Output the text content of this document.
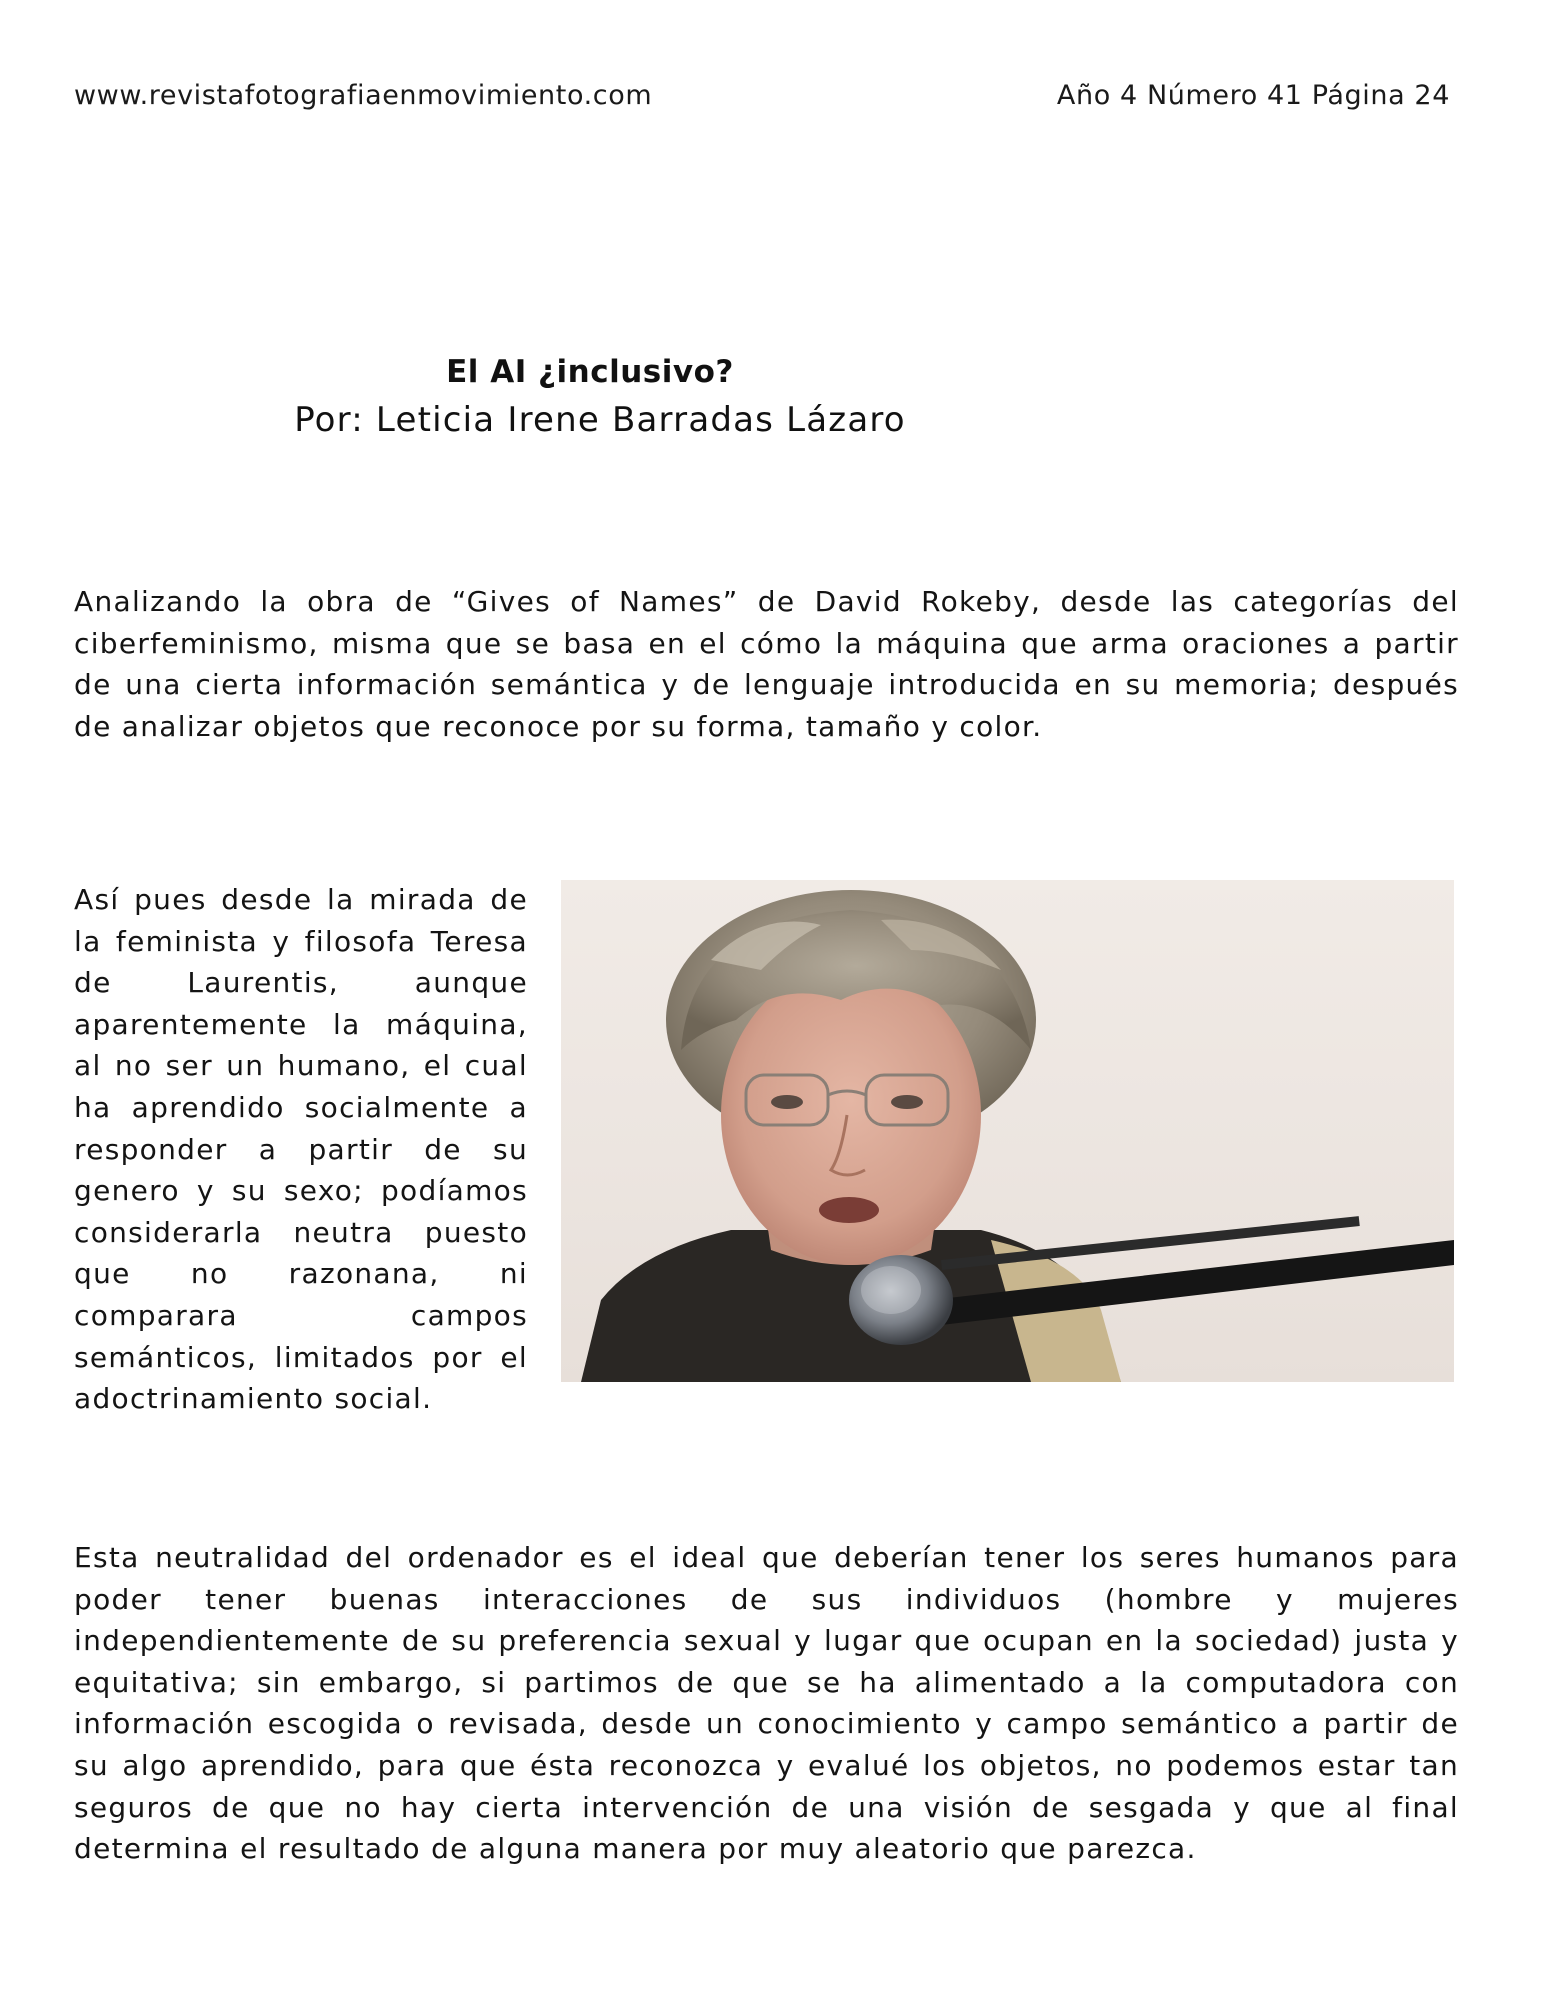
www.revistafotografiaenmovimiento.com	Año 4 Número 41 Página 24
El AI ¿inclusivo?
Por: Leticia Irene Barradas Lázaro

Analizando la obra de “Gives of Names” de David Rokeby, desde las categorías del ciberfeminismo, misma que se basa en el cómo la máquina que arma oraciones a partir de una cierta información semántica y de lenguaje introducida en su memoria; después de analizar objetos que reconoce por su forma, tamaño y color.

Así pues desde la mirada de la feminista y filosofa Teresa de Laurentis, aunque aparentemente la máquina, al no ser un humano, el cual ha aprendido socialmente a responder a partir de su genero y su sexo; podíamos considerarla neutra puesto que no razonana, ni comparara campos semánticos, limitados por el adoctrinamiento social.

Esta neutralidad del ordenador es el ideal que deberían tener los seres humanos para poder tener buenas interacciones de sus individuos (hombre y mujeres independientemente de su preferencia sexual y lugar que ocupan en la sociedad) justa y equitativa; sin embargo, si partimos de que se ha alimentado a la computadora con información escogida o revisada, desde un conocimiento y campo semántico a partir de su algo aprendido, para que ésta reconozca y evalué los objetos, no podemos estar tan seguros de que no hay cierta intervención de una visión de sesgada y que al final determina el resultado de alguna manera por muy aleatorio que parezca.
